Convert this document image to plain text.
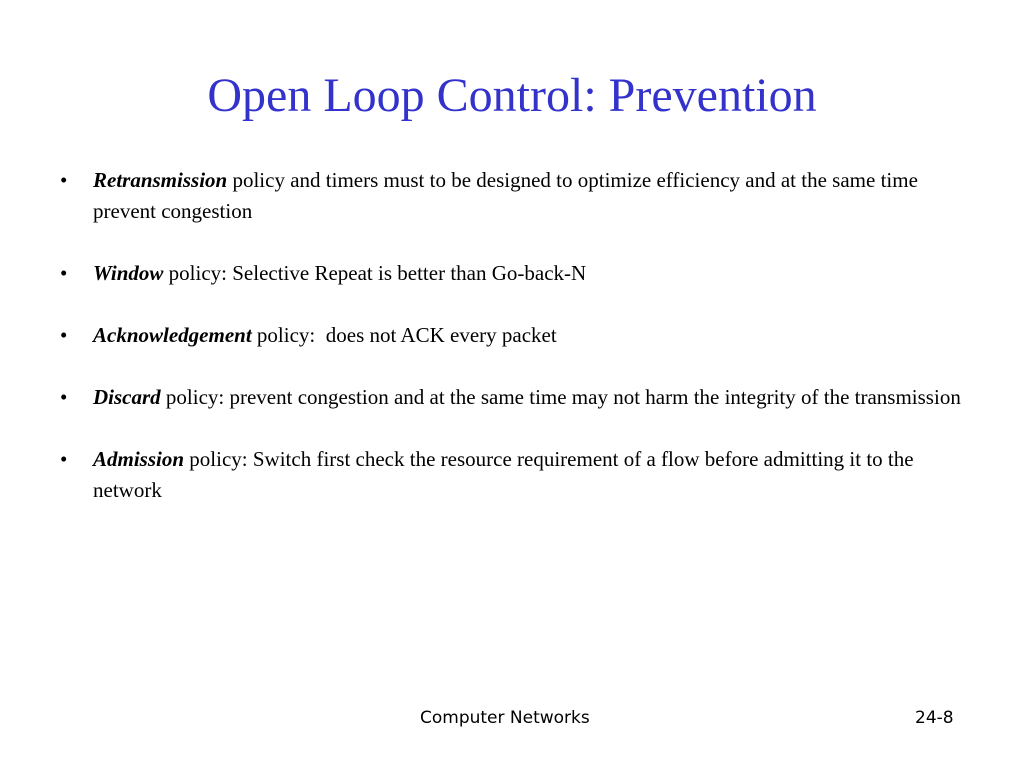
Open Loop Control: Prevention
• Retransmission policy and timers must to be designed to optimize efficiency and at the same time prevent congestion
• Window policy: Selective Repeat is better than Go-back-N
• Acknowledgement policy:  does not ACK every packet
• Discard policy: prevent congestion and at the same time may not harm the integrity of the transmission
• Admission policy: Switch first check the resource requirement of a flow before admitting it to the network
Computer Networks	24-8
